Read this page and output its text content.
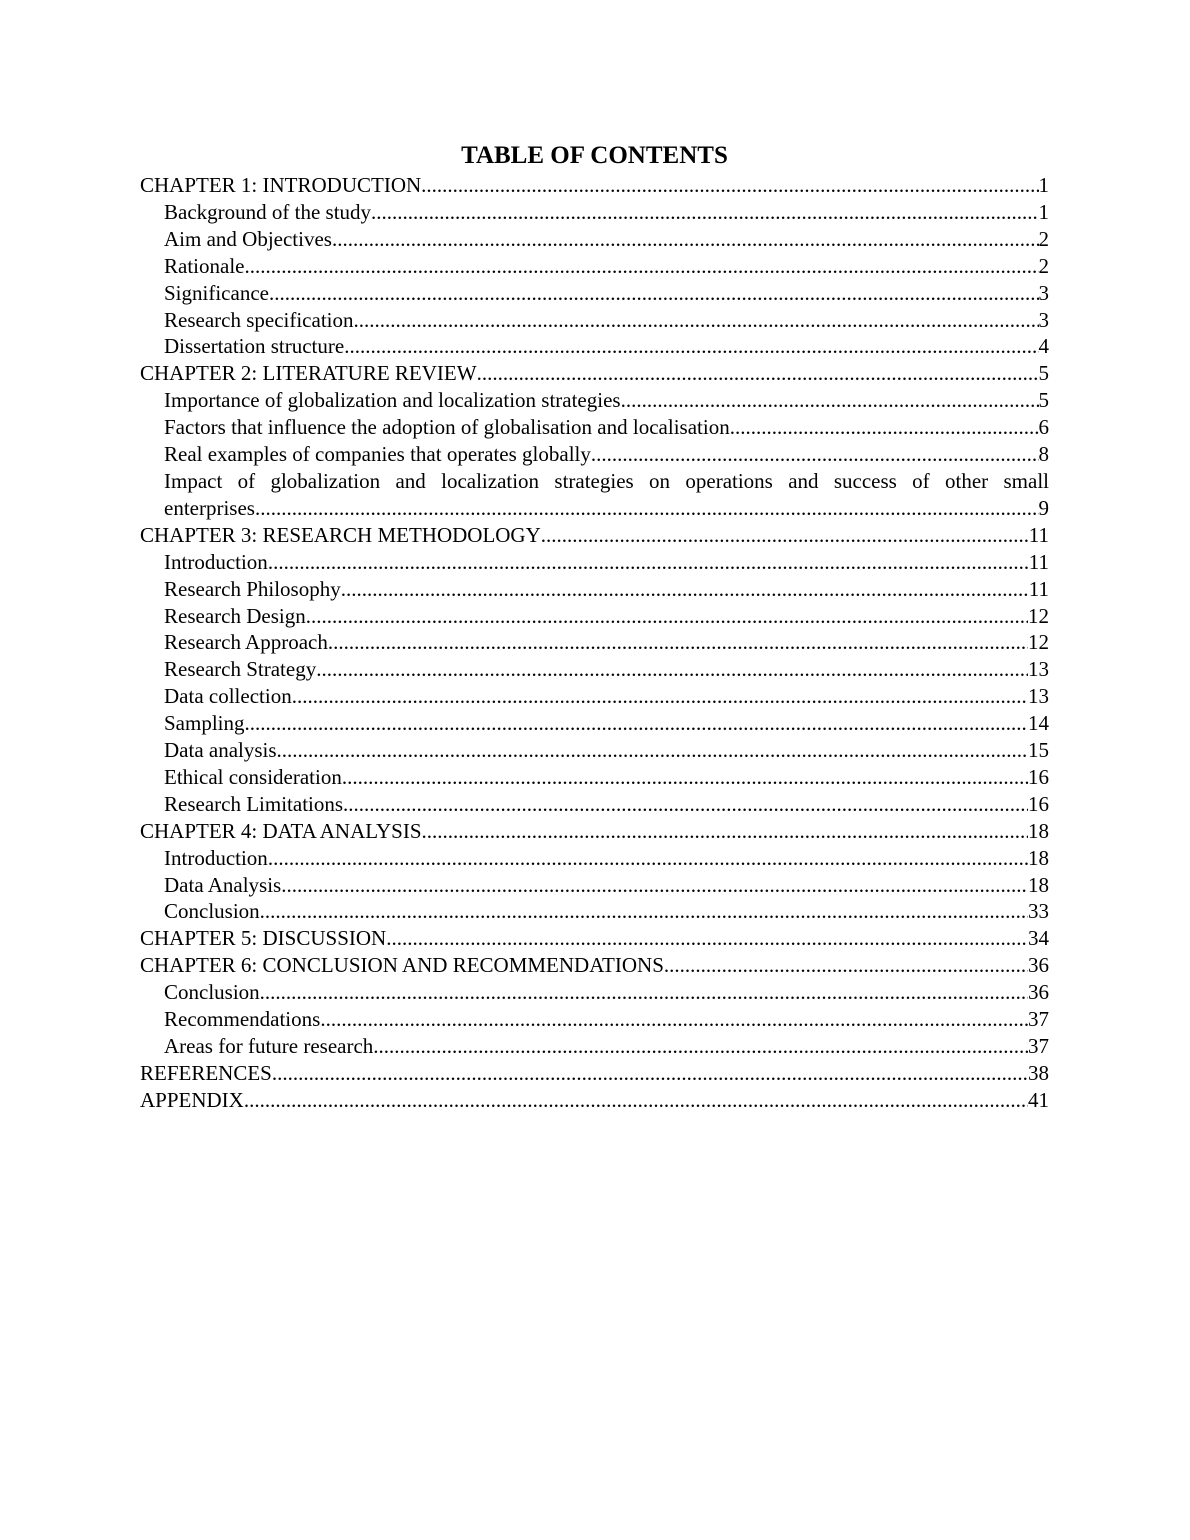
TABLE OF CONTENTS
CHAPTER 1: INTRODUCTION .....	1
Background of the study .....	1
Aim and Objectives .....	2
Rationale .....	2
Significance .....	3
Research specification .....	3
Dissertation structure .....	4
CHAPTER 2: LITERATURE REVIEW .....	5
Importance of globalization and localization strategies .....	5
Factors that influence the adoption of globalisation and localisation .....	6
Real examples of companies that operates globally .....	8
Impact of globalization and localization strategies on operations and success of other small
enterprises .....	9
CHAPTER 3: RESEARCH METHODOLOGY .....	11
Introduction .....	11
Research Philosophy .....	11
Research Design .....	12
Research Approach .....	12
Research Strategy .....	13
Data collection .....	13
Sampling .....	14
Data analysis .....	15
Ethical consideration .....	16
Research Limitations .....	16
CHAPTER 4: DATA ANALYSIS .....	18
Introduction .....	18
Data Analysis .....	18
Conclusion .....	33
CHAPTER 5: DISCUSSION .....	34
CHAPTER 6: CONCLUSION AND RECOMMENDATIONS .....	36
Conclusion .....	36
Recommendations .....	37
Areas for future research .....	37
REFERENCES .....	38
APPENDIX .....	41
